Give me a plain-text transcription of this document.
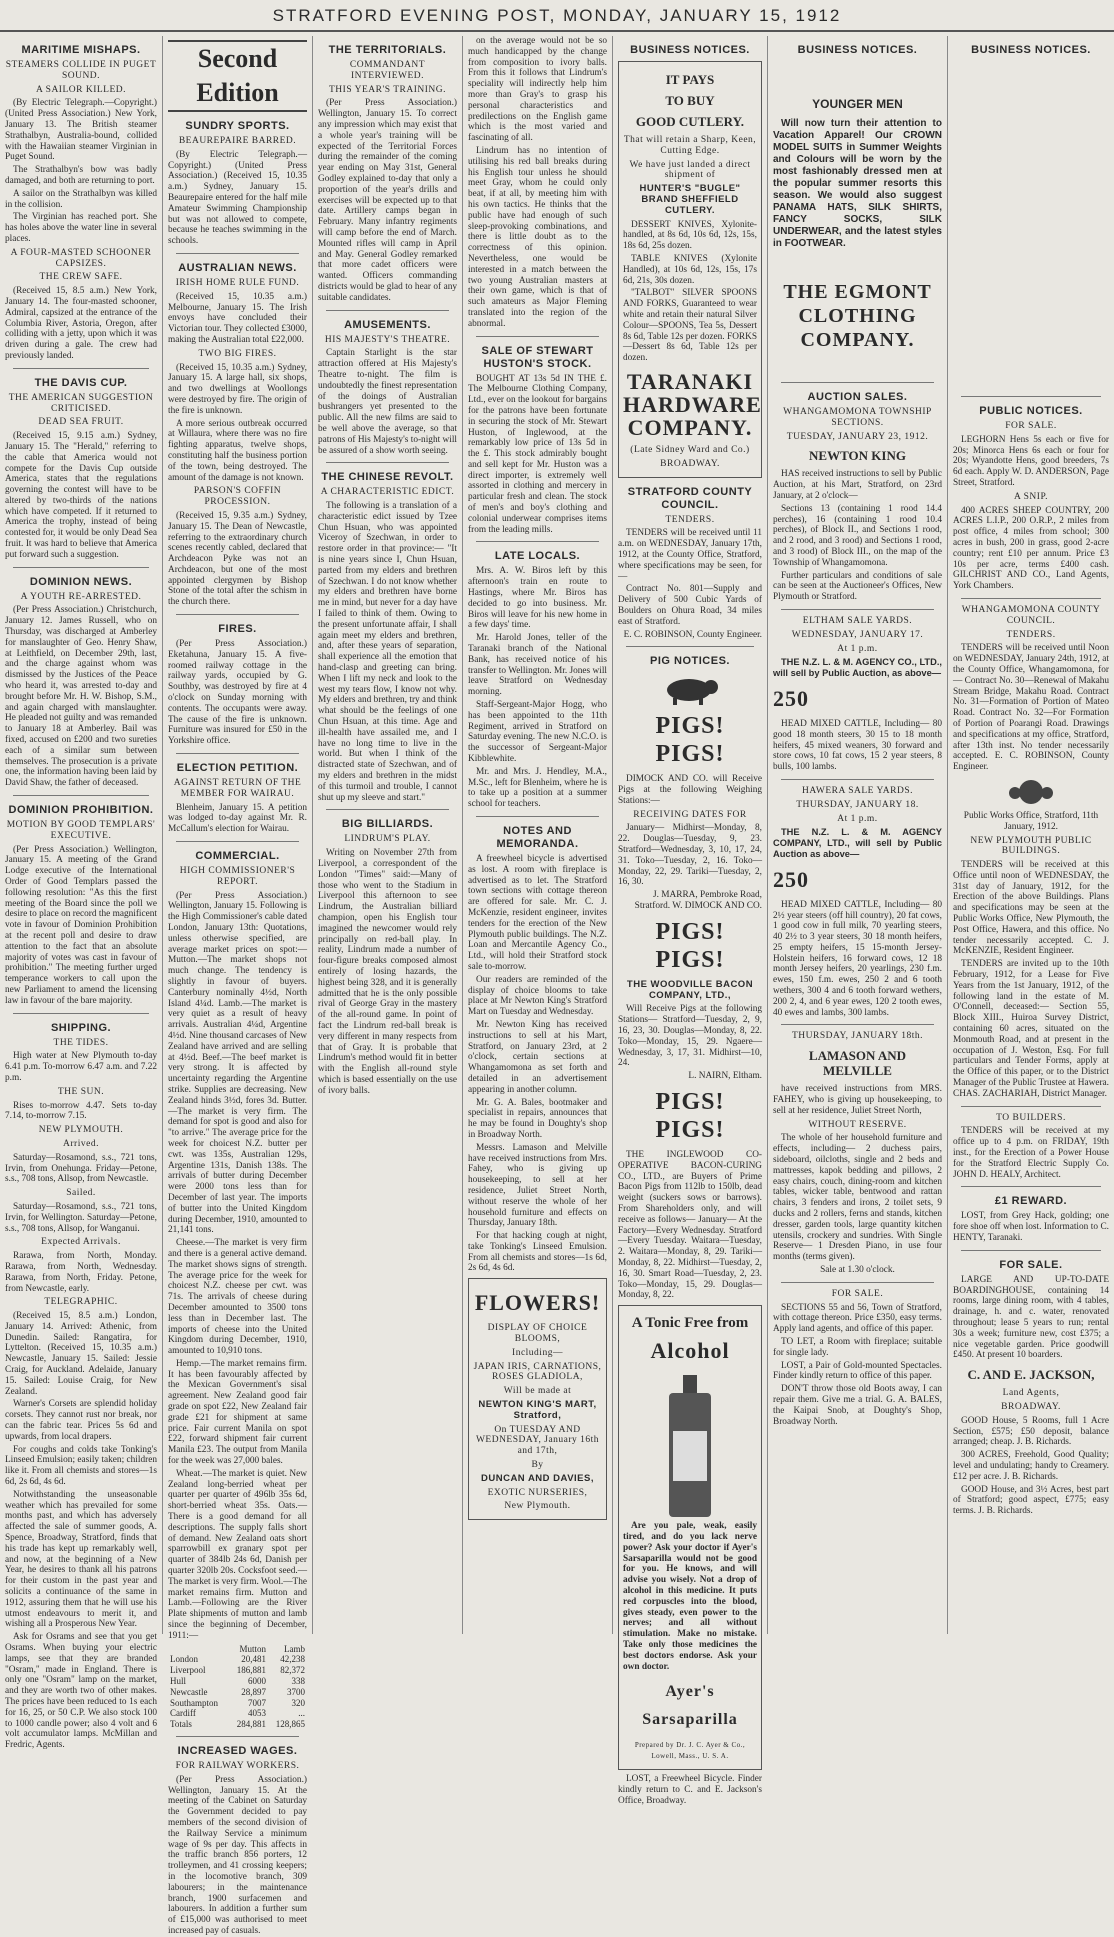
STRATFORD EVENING POST, MONDAY, JANUARY 15, 1912
MARITIME MISHAPS.
STEAMERS COLLIDE IN PUGET SOUND.
A SAILOR KILLED.
(By Electric Telegraph.—Copyright.) (United Press Association.) New York, January 13. The British steamer Strathalbyn, Australia-bound, collided with the Hawaiian steamer Virginian in Puget Sound.
The Strathalbyn's bow was badly damaged, and both are returning to port.
A sailor on the Strathalbyn was killed in the collision.
The Virginian has reached port. She has holes above the water line in several places.
A FOUR-MASTED SCHOONER CAPSIZES.
THE CREW SAFE.
(Received 15, 8.5 a.m.) New York, January 14. The four-masted schooner, Admiral, capsized at the entrance of the Columbia River, Astoria, Oregon, after colliding with a jetty, upon which it was driven during a gale. The crew had previously landed.
THE DAVIS CUP.
THE AMERICAN SUGGESTION CRITICISED.
DEAD SEA FRUIT.
(Received 15, 9.15 a.m.) Sydney, January 15. The "Herald," referring to the cable that America would not compete for the Davis Cup outside America, states that the regulations governing the contest will have to be altered by two-thirds of the nations which have competed. If it returned to America the trophy, instead of being contested for, it would be only Dead Sea fruit. It was hard to believe that America put forward such a suggestion.
DOMINION NEWS.
A YOUTH RE-ARRESTED.
(Per Press Association.) Christchurch, January 12. James Russell, who on Thursday, was discharged at Amberley for manslaughter of Geo. Henry Shaw, at Leithfield, on December 29th, last, and the charge against whom was dismissed by the Justices of the Peace who heard it, was arrested to-day and brought before Mr. H. W. Bishop, S.M., and again charged with manslaughter. He pleaded not guilty and was remanded to January 18 at Amberley. Bail was fixed, accused on £200 and two sureties each of a similar sum between themselves. The prosecution is a private one, the information having been laid by David Shaw, the father of deceased.
DOMINION PROHIBITION.
MOTION BY GOOD TEMPLARS' EXECUTIVE.
(Per Press Association.) Wellington, January 15. A meeting of the Grand Lodge executive of the International Order of Good Templars passed the following resolution: "As this the first meeting of the Board since the poll we desire to place on record the magnificent vote in favour of Dominion Prohibition at the recent poll and desire to draw attention to the fact that an absolute majority of votes was cast in favour of prohibition." The meeting further urged temperance workers to call upon the new Parliament to amend the licensing law in favour of the bare majority.
SHIPPING.
THE TIDES.
High water at New Plymouth to-day 6.41 p.m. To-morrow 6.47 a.m. and 7.22 p.m.
THE SUN.
Rises to-morrow 4.47. Sets to-day 7.14, to-morrow 7.15.
NEW PLYMOUTH.
Arrived.
Saturday—Rosamond, s.s., 721 tons, Irvin, from Onehunga. Friday—Petone, s.s., 708 tons, Allsop, from Newcastle.
Sailed.
Saturday—Rosamond, s.s., 721 tons, Irvin, for Wellington. Saturday—Petone, s.s., 708 tons, Allsop, for Wanganui.
Expected Arrivals.
Rarawa, from North, Monday. Rarawa, from North, Wednesday. Rarawa, from North, Friday. Petone, from Newcastle, early.
TELEGRAPHIC.
(Received 15, 8.5 a.m.) London, January 14. Arrived: Athenic, from Dunedin. Sailed: Rangatira, for Lyttelton. (Received 15, 10.35 a.m.) Newcastle, January 15. Sailed: Jessie Craig, for Auckland. Adelaide, January 15. Sailed: Louise Craig, for New Zealand.
Warner's Corsets are splendid holiday corsets. They cannot rust nor break, nor can the fabric tear. Prices 5s 6d and upwards, from local drapers.
For coughs and colds take Tonking's Linseed Emulsion; easily taken; children like it. From all chemists and stores—1s 6d, 2s 6d, 4s 6d.
Notwithstanding the unseasonable weather which has prevailed for some months past, and which has adversely affected the sale of summer goods, A. Spence, Broadway, Stratford, finds that his trade has kept up remarkably well, and now, at the beginning of a New Year, he desires to thank all his patrons for their custom in the past year and solicits a continuance of the same in 1912, assuring them that he will use his utmost endeavours to merit it, and wishing all a Prosperous New Year.
Ask for Osrams and see that you get Osrams. When buying your electric lamps, see that they are branded "Osram," made in England. There is only one "Osram" lamp on the market, and they are worth two of other makes. The prices have been reduced to 1s each for 16, 25, or 50 C.P. We also stock 100 to 1000 candle power; also 4 volt and 6 volt accumulator lamps. McMillan and Fredric, Agents.
Second Edition
SUNDRY SPORTS.
BEAUREPAIRE BARRED.
(By Electric Telegraph.—Copyright.) (United Press Association.) (Received 15, 10.35 a.m.) Sydney, January 15. Beaurepaire entered for the half mile Amateur Swimming Championship but was not allowed to compete, because he teaches swimming in the schools.
AUSTRALIAN NEWS.
IRISH HOME RULE FUND.
(Received 15, 10.35 a.m.) Melbourne, January 15. The Irish envoys have concluded their Victorian tour. They collected £3000, making the Australian total £22,000.
TWO BIG FIRES.
(Received 15, 10.35 a.m.) Sydney, January 15. A large hall, six shops, and two dwellings at Woollongs were destroyed by fire. The origin of the fire is unknown.
A more serious outbreak occurred at Willaura, where there was no fire fighting apparatus, twelve shops, constituting half the business portion of the town, being destroyed. The amount of the damage is not known.
PARSON'S COFFIN PROCESSION.
(Received 15, 9.35 a.m.) Sydney, January 15. The Dean of Newcastle, referring to the extraordinary church scenes recently cabled, declared that Archdeacon Pyke was not an Archdeacon, but one of the most appointed clergymen by Bishop Stone of the total after the schism in the church there.
FIRES.
(Per Press Association.) Eketahuna, January 15. A five-roomed railway cottage in the railway yards, occupied by G. Southby, was destroyed by fire at 4 o'clock on Sunday morning with contents. The occupants were away. The cause of the fire is unknown. Furniture was insured for £50 in the Yorkshire office.
ELECTION PETITION.
AGAINST RETURN OF THE MEMBER FOR WAIRAU.
Blenheim, January 15. A petition was lodged to-day against Mr. R. McCallum's election for Wairau.
COMMERCIAL.
HIGH COMMISSIONER'S REPORT.
(Per Press Association.) Wellington, January 15. Following is the High Commissioner's cable dated London, January 13th: Quotations, unless otherwise specified, are average market prices on spot:—Mutton.—The market shops not much change. The tendency is slightly in favour of buyers. Canterbury nominally 4½d, North Island 4¼d. Lamb.—The market is very quiet as a result of heavy arrivals. Australian 4¼d, Argentine 4½d. Nine thousand carcases of New Zealand have arrived and are selling at 4½d. Beef.—The beef market is very strong. It is affected by uncertainty regarding the Argentine strike. Supplies are decreasing. New Zealand hinds 3½d, fores 3d. Butter.—The market is very firm. The demand for spot is good and also for "to arrive." The average price for the week for choicest N.Z. butter per cwt. was 135s, Australian 129s, Argentine 131s, Danish 138s. The arrivals of butter during December were 2000 tons less than for December of last year. The imports of butter into the United Kingdom during December, 1910, amounted to 21,141 tons.
Cheese.—The market is very firm and there is a general active demand. The market shows signs of strength. The average price for the week for choicest N.Z. cheese per cwt. was 71s. The arrivals of cheese during December amounted to 3500 tons less than in December last. The imports of cheese into the United Kingdom during December, 1910, amounted to 10,910 tons.
Hemp.—The market remains firm. It has been favourably affected by the Mexican Government's sisal agreement. New Zealand good fair grade on spot £22, New Zealand fair grade £21 for shipment at same price. Fair current Manila on spot £22, forward shipment fair current Manila £23. The output from Manila for the week was 27,000 bales.
Wheat.—The market is quiet. New Zealand long-berried wheat per quarter per quarter of 496lb 35s 6d, short-berried wheat 35s. Oats.—There is a good demand for all descriptions. The supply falls short of demand. New Zealand oats short sparrowbill ex granary spot per quarter of 384lb 24s 6d, Danish per quarter 320lb 20s. Cocksfoot seed.—The market is very firm. Wool.—The market remains firm. Mutton and Lamb.—Following are the River Plate shipments of mutton and lamb since the beginning of December, 1911:—
	Mutton	Lamb
London	20,481	42,238
Liverpool	186,881	82,372
Hull	6000	338
Newcastle	28,897	3700
Southampton	7007	320
Cardiff	4053	...
Totals	284,881	128,865
INCREASED WAGES.
FOR RAILWAY WORKERS.
(Per Press Association.) Wellington, January 15. At the meeting of the Cabinet on Saturday the Government decided to pay members of the second division of the Railway Service a minimum wage of 9s per day. This affects in the traffic branch 856 porters, 12 trolleymen, and 41 crossing keepers; in the locomotive branch, 309 labourers; in the maintenance branch, 1900 surfacemen and labourers. In addition a further sum of £15,000 was authorised to meet increased pay of casuals.
THE TERRITORIALS.
COMMANDANT INTERVIEWED.
THIS YEAR'S TRAINING.
(Per Press Association.) Wellington, January 15. To correct any impression which may exist that a whole year's training will be expected of the Territorial Forces during the remainder of the coming year ending on May 31st, General Godley explained to-day that only a proportion of the year's drills and exercises will be expected up to that date. Artillery camps began in February. Many infantry regiments will camp before the end of March. Mounted rifles will camp in April and May. General Godley remarked that more cadet officers were wanted. Officers commanding districts would be glad to hear of any suitable candidates.
AMUSEMENTS.
HIS MAJESTY'S THEATRE.
Captain Starlight is the star attraction offered at His Majesty's Theatre to-night. The film is undoubtedly the finest representation of the doings of Australian bushrangers yet presented to the public. All the new films are said to be well above the average, so that patrons of His Majesty's to-night will be assured of a show worth seeing.
THE CHINESE REVOLT.
A CHARACTERISTIC EDICT.
The following is a translation of a characteristic edict issued by Tzee Chun Hsuan, who was appointed Viceroy of Szechwan, in order to restore order in that province:— "It is nine years since I, Chun Hsuan, parted from my elders and brethren of Szechwan. I do not know whether my elders and brethren have borne me in mind, but never for a day have I failed to think of them. Owing to the present unfortunate affair, I shall again meet my elders and brethren, and, after these years of separation, shall experience all the emotion that hand-clasp and greeting can bring. When I lift my neck and look to the west my tears flow, I know not why. My elders and brethren, try and think what should be the feelings of one Chun Hsuan, at this time. Age and ill-health have assailed me, and I have no long time to live in the world. But when I think of the distracted state of Szechwan, and of my elders and brethren in the midst of this turmoil and trouble, I cannot shut up my sleeve and start."
BIG BILLIARDS.
LINDRUM'S PLAY.
Writing on November 27th from Liverpool, a correspondent of the London "Times" said:—Many of those who went to the Stadium in Liverpool this afternoon to see Lindrum, the Australian billiard champion, open his English tour imagined the newcomer would rely principally on red-ball play. In reality, Lindrum made a number of four-figure breaks composed almost entirely of losing hazards, the highest being 328, and it is generally admitted that he is the only possible rival of George Gray in the mastery of the all-round game. In point of fact the Lindrum red-ball break is very different in many respects from that of Gray. It is probable that Lindrum's method would fit in better with the English all-round style which is based essentially on the use of ivory balls.
on the average would not be so much handicapped by the change from composition to ivory balls. From this it follows that Lindrum's speciality will indirectly help him more than Gray's to grasp his personal characteristics and predilections on the English game which is the most varied and fascinating of all.
Lindrum has no intention of utilising his red ball breaks during his English tour unless he should meet Gray, whom he could only beat, if at all, by meeting him with his own tactics. He thinks that the public have had enough of such sleep-provoking combinations, and there is little doubt as to the correctness of this opinion. Nevertheless, one would be interested in a match between the two young Australian masters at their own game, which is that of such amateurs as Major Fleming translated into the region of the abnormal.
SALE OF STEWART HUSTON'S STOCK.
BOUGHT AT 13s 5d IN THE £. The Melbourne Clothing Company, Ltd., ever on the lookout for bargains for the patrons have been fortunate in securing the stock of Mr. Stewart Huston, of Inglewood, at the remarkably low price of 13s 5d in the £. This stock admirably bought and sell kept for Mr. Huston was a direct importer, is extremely well assorted in clothing and mercery in particular fresh and clean. The stock of men's and boy's clothing and colonial underwear comprises items from the leading mills.
LATE LOCALS.
Mrs. A. W. Biros left by this afternoon's train en route to Hastings, where Mr. Biros has decided to go into business. Mr. Biros will leave for his new home in a few days' time.
Mr. Harold Jones, teller of the Taranaki branch of the National Bank, has received notice of his transfer to Wellington. Mr. Jones will leave Stratford on Wednesday morning.
Staff-Sergeant-Major Hogg, who has been appointed to the 11th Regiment, arrived in Stratford on Saturday evening. The new N.C.O. is the successor of Sergeant-Major Kibblewhite.
Mr. and Mrs. J. Hendley, M.A., M.Sc., left for Blenheim, where he is to take up a position at a summer school for teachers.
NOTES AND MEMORANDA.
A freewheel bicycle is advertised as lost. A room with fireplace is advertised as to let. The Stratford town sections with cottage thereon are offered for sale. Mr. C. J. McKenzie, resident engineer, invites tenders for the erection of the New Plymouth public buildings. The N.Z. Loan and Mercantile Agency Co., Ltd., will hold their Stratford stock sale to-morrow.
Our readers are reminded of the display of choice blooms to take place at Mr Newton King's Stratford Mart on Tuesday and Wednesday.
Mr. Newton King has received instructions to sell at his Mart, Stratford, on January 23rd, at 2 o'clock, certain sections at Whangamomona as set forth and detailed in an advertisement appearing in another column.
Mr. G. A. Bales, bootmaker and specialist in repairs, announces that he may be found in Doughty's shop in Broadway North.
Messrs. Lamason and Melville have received instructions from Mrs. Fahey, who is giving up housekeeping, to sell at her residence, Juliet Street North, without reserve the whole of her household furniture and effects on Thursday, January 18th.
For that hacking cough at night, take Tonking's Linseed Emulsion. From all chemists and stores—1s 6d, 2s 6d, 4s 6d.
FLOWERS!
DISPLAY OF CHOICE BLOOMS,
Including—
JAPAN IRIS, CARNATIONS, ROSES GLADIOLA,
Will be made at
NEWTON KING'S MART, Stratford,
On TUESDAY AND WEDNESDAY, January 16th and 17th,
By
DUNCAN AND DAVIES,
EXOTIC NURSERIES,
New Plymouth.
BUSINESS NOTICES.
IT PAYS
TO BUY
GOOD CUTLERY.
That will retain a Sharp, Keen, Cutting Edge.
We have just landed a direct shipment of
HUNTER'S "BUGLE" BRAND SHEFFIELD CUTLERY.
DESSERT KNIVES, Xylonite-handled, at 8s 6d, 10s 6d, 12s, 15s, 18s 6d, 25s dozen.
TABLE KNIVES (Xylonite Handled), at 10s 6d, 12s, 15s, 17s 6d, 21s, 30s dozen.
"TALBOT" SILVER SPOONS AND FORKS, Guaranteed to wear white and retain their natural Silver Colour—SPOONS, Tea 5s, Dessert 8s 6d, Table 12s per dozen. FORKS—Dessert 8s 6d, Table 12s per dozen.
TARANAKI HARDWARE COMPANY.
(Late Sidney Ward and Co.)
BROADWAY.
STRATFORD COUNTY COUNCIL.
TENDERS.
TENDERS will be received until 11 a.m. on WEDNESDAY, January 17th, 1912, at the County Office, Stratford, where specifications may be seen, for—
Contract No. 801—Supply and Delivery of 500 Cubic Yards of Boulders on Ohura Road, 34 miles east of Stratford.
E. C. ROBINSON, County Engineer.
PIG NOTICES.
PIGS! PIGS!
DIMOCK AND CO. will Receive Pigs at the following Weighing Stations:—
RECEIVING DATES FOR
January— Midhirst—Monday, 8, 22. Douglas—Tuesday, 9, 23. Stratford—Wednesday, 3, 10, 17, 24, 31. Toko—Tuesday, 2, 16. Toko—Monday, 22, 29. Tariki—Tuesday, 2, 16, 30.
J. MARRA, Pembroke Road, Stratford. W. DIMOCK AND CO.
PIGS! PIGS!
THE WOODVILLE BACON COMPANY, LTD.,
Will Receive Pigs at the following Stations— Stratford—Tuesday, 2, 9, 16, 23, 30. Douglas—Monday, 8, 22. Toko—Monday, 15, 29. Ngaere—Wednesday, 3, 17, 31. Midhirst—10, 24.
L. NAIRN, Eltham.
PIGS! PIGS!
THE INGLEWOOD CO-OPERATIVE BACON-CURING CO., LTD., are Buyers of Prime Bacon Pigs from 112lb to 150lb, dead weight (suckers sows or barrows). From Shareholders only, and will receive as follows— January— At the Factory—Every Wednesday. Stratford—Every Tuesday. Waitara—Tuesday, 2. Waitara—Monday, 8, 29. Tariki—Monday, 8, 22. Midhirst—Tuesday, 2, 16, 30. Smart Road—Tuesday, 2, 23. Toko—Monday, 15, 29. Douglas—Monday, 8, 22.
A Tonic Free from
Alcohol
Are you pale, weak, easily tired, and do you lack nerve power? Ask your doctor if Ayer's Sarsaparilla would not be good for you. He knows, and will advise you wisely. Not a drop of alcohol in this medicine. It puts red corpuscles into the blood, gives steady, even power to the nerves; and all without stimulation. Make no mistake. Take only those medicines the best doctors endorse. Ask your own doctor.
Ayer's Sarsaparilla
Prepared by Dr. J. C. Ayer & Co., Lowell, Mass., U. S. A.
LOST, a Freewheel Bicycle. Finder kindly return to C. and E. Jackson's Office, Broadway.
BUSINESS NOTICES.
YOUNGER MEN
Will now turn their attention to Vacation Apparel! Our CROWN MODEL SUITS in Summer Weights and Colours will be worn by the most fashionably dressed men at the popular summer resorts this season. We would also suggest PANAMA HATS, SILK SHIRTS, FANCY SOCKS, SILK UNDERWEAR, and the latest styles in FOOTWEAR.
THE EGMONT CLOTHING COMPANY.
AUCTION SALES.
WHANGAMOMONA TOWNSHIP SECTIONS.
TUESDAY, JANUARY 23, 1912.
NEWTON KING
HAS received instructions to sell by Public Auction, at his Mart, Stratford, on 23rd January, at 2 o'clock—
Sections 13 (containing 1 rood 14.4 perches), 16 (containing 1 rood 10.4 perches), of Block II., and Sections 1 rood, and 2 rood, and 3 rood) and Sections 1 rood, and 3 rood) of Block III., on the map of the Township of Whangamomona.
Further particulars and conditions of sale can be seen at the Auctioneer's Offices, New Plymouth or Stratford.
ELTHAM SALE YARDS.
WEDNESDAY, JANUARY 17.
At 1 p.m.
THE N.Z. L. & M. AGENCY CO., LTD., will sell by Public Auction, as above—
250
HEAD MIXED CATTLE, Including— 80 good 18 month steers, 30 15 to 18 month heifers, 45 mixed weaners, 30 forward and store cows, 10 fat cows, 15 2 year steers, 8 bulls, 100 lambs.
HAWERA SALE YARDS.
THURSDAY, JANUARY 18.
At 1 p.m.
THE N.Z. L. & M. AGENCY COMPANY, LTD., will sell by Public Auction as above—
250
HEAD MIXED CATTLE, Including— 80 2½ year steers (off hill country), 20 fat cows, 1 good cow in full milk, 70 yearling steers, 40 2½ to 3 year steers, 30 18 month heifers, 25 empty heifers, 15 15-month Jersey-Holstein heifers, 16 forward cows, 12 18 month Jersey heifers, 20 yearlings, 230 f.m. ewes, 150 f.m. ewes, 250 2 and 6 tooth wethers, 300 4 and 6 tooth forward wethers, 200 2, 4, and 6 year ewes, 120 2 tooth ewes, 40 ewes and lambs, 300 lambs.
THURSDAY, JANUARY 18th.
LAMASON AND MELVILLE
have received instructions from MRS. FAHEY, who is giving up housekeeping, to sell at her residence, Juliet Street North,
WITHOUT RESERVE.
The whole of her household furniture and effects, including— 2 duchess pairs, sideboard, oilcloths, single and 2 beds and mattresses, kapok bedding and pillows, 2 easy chairs, couch, dining-room and kitchen tables, wicker table, bentwood and rattan chairs, 3 fenders and irons, 2 toilet sets, 9 ducks and 2 rollers, ferns and stands, kitchen dresser, garden tools, large quantity kitchen utensils, crockery and sundries. With Single Reserve— 1 Dresden Piano, in use four months (terms given).
Sale at 1.30 o'clock.
FOR SALE.
SECTIONS 55 and 56, Town of Stratford, with cottage thereon. Price £350, easy terms. Apply land agents, and office of this paper.
TO LET, a Room with fireplace; suitable for single lady.
LOST, a Pair of Gold-mounted Spectacles. Finder kindly return to office of this paper.
DON'T throw those old Boots away, I can repair them. Give me a trial. G. A. BALES, the Kaipai Snob, at Doughty's Shop, Broadway North.
BUSINESS NOTICES.
PUBLIC NOTICES.
FOR SALE.
LEGHORN Hens 5s each or five for 20s; Minorca Hens 6s each or four for 20s; Wyandotte Hens, good breeders, 7s 6d each. Apply W. D. ANDERSON, Page Street, Stratford.
A SNIP.
400 ACRES SHEEP COUNTRY, 200 ACRES L.I.P., 200 O.R.P., 2 miles from post office, 4 miles from school; 300 acres in bush, 200 in grass, good 2-acre country; rent £10 per annum. Price £3 10s per acre, terms £400 cash. GILCHRIST AND CO., Land Agents, York Chambers.
WHANGAMOMONA COUNTY COUNCIL.
TENDERS.
TENDERS will be received until Noon on WEDNESDAY, January 24th, 1912, at the County Office, Whangamomona, for— Contract No. 30—Renewal of Makahu Stream Bridge, Makahu Road. Contract No. 31—Formation of Portion of Mateo Road. Contract No. 32—For Formation of Portion of Poarangi Road. Drawings and specifications at my office, Stratford, after 13th inst. No tender necessarily accepted. E. C. ROBINSON, County Engineer.
Public Works Office, Stratford, 11th January, 1912.
NEW PLYMOUTH PUBLIC BUILDINGS.
TENDERS will be received at this Office until noon of WEDNESDAY, the 31st day of January, 1912, for the Erection of the above Buildings. Plans and specifications may be seen at the Public Works Office, New Plymouth, the Post Office, Hawera, and this office. No tender necessarily accepted. C. J. McKENZIE, Resident Engineer.
TENDERS are invited up to the 10th February, 1912, for a Lease for Five Years from the 1st January, 1912, of the following land in the estate of M. O'Connell, deceased:— Section 55, Block XIII., Huiroa Survey District, containing 60 acres, situated on the Monmouth Road, and at present in the occupation of J. Weston, Esq. For full particulars and Tender Forms, apply at the Office of this paper, or to the District Manager of the Public Trustee at Hawera. CHAS. ZACHARIAH, District Manager.
TO BUILDERS.
TENDERS will be received at my office up to 4 p.m. on FRIDAY, 19th inst., for the Erection of a Power House for the Stratford Electric Supply Co. JOHN D. HEALY, Architect.
£1 REWARD.
LOST, from Grey Hack, golding; one fore shoe off when lost. Information to C. HENTY, Taranaki.
FOR SALE.
LARGE AND UP-TO-DATE BOARDINGHOUSE, containing 14 rooms, large dining room, with 4 tables, drainage, h. and c. water, renovated throughout; lease 5 years to run; rental 30s a week; furniture new, cost £375; a nice vegetable garden. Price goodwill £450. At present 10 boarders.
C. AND E. JACKSON,
Land Agents,
BROADWAY.
GOOD House, 5 Rooms, full 1 Acre Section, £575; £50 deposit, balance arranged; cheap. J. B. Richards.
300 ACRES, Freehold, Good Quality; level and undulating; handy to Creamery. £12 per acre. J. B. Richards.
GOOD House, and 3½ Acres, best part of Stratford; good aspect, £775; easy terms. J. B. Richards.
